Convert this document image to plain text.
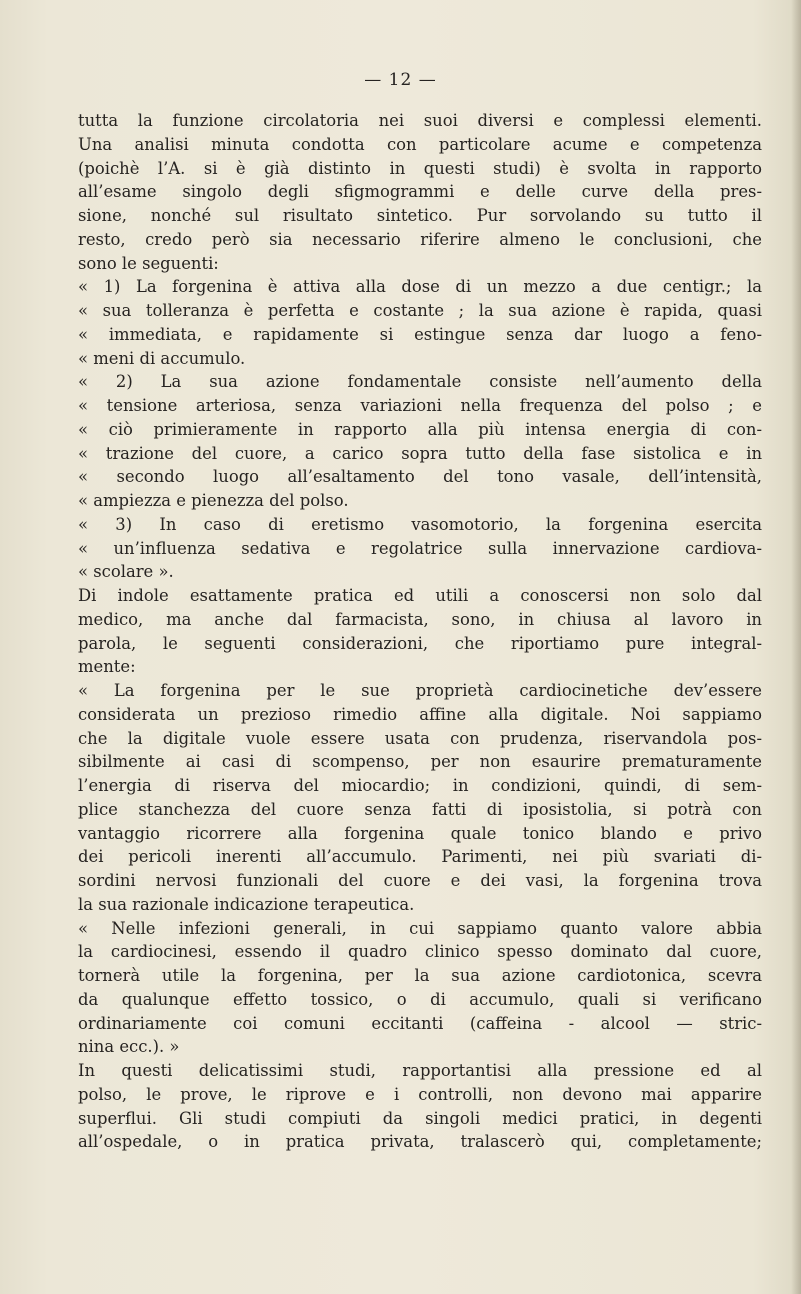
— 12 —
tutta la funzione circolatoria nei suoi diversi e complessi elementi.
Una analisi minuta condotta con particolare acume e competenza
(poichè l’A. si è già distinto in questi studi) è svolta in rapporto
all’esame singolo degli sfigmogrammi e delle curve della pres-
sione, nonché sul risultato sintetico. Pur sorvolando su tutto il
resto, credo però sia necessario riferire almeno le conclusioni, che
sono le seguenti:
« 1) La forgenina è attiva alla dose di un mezzo a due centigr.; la
« sua tolleranza è perfetta e costante ; la sua azione è rapida, quasi
« immediata, e rapidamente si estingue senza dar luogo a feno-
« meni di accumulo.
« 2) La sua azione fondamentale consiste nell’aumento della
« tensione arteriosa, senza variazioni nella frequenza del polso ; e
« ciò primieramente in rapporto alla più intensa energia di con-
« trazione del cuore, a carico sopra tutto della fase sistolica e in
« secondo luogo all’esaltamento del tono vasale, dell’intensità,
« ampiezza e pienezza del polso.
« 3) In caso di eretismo vasomotorio, la forgenina esercita
« un’influenza sedativa e regolatrice sulla innervazione cardiova-
« scolare ».
Di indole esattamente pratica ed utili a conoscersi non solo dal
medico, ma anche dal farmacista, sono, in chiusa al lavoro in
parola, le seguenti considerazioni, che riportiamo pure integral-
mente:
« La forgenina per le sue proprietà cardiocinetiche dev’essere
considerata un prezioso rimedio affine alla digitale. Noi sappiamo
che la digitale vuole essere usata con prudenza, riservandola pos-
sibilmente ai casi di scompenso, per non esaurire prematuramente
l’energia di riserva del miocardio; in condizioni, quindi, di sem-
plice stanchezza del cuore senza fatti di iposistolia, si potrà con
vantaggio ricorrere alla forgenina quale tonico blando e privo
dei pericoli inerenti all’accumulo. Parimenti, nei più svariati di-
sordini nervosi funzionali del cuore e dei vasi, la forgenina trova
la sua razionale indicazione terapeutica.
« Nelle infezioni generali, in cui sappiamo quanto valore abbia
la cardiocinesi, essendo il quadro clinico spesso dominato dal cuore,
tornerà utile la forgenina, per la sua azione cardiotonica, scevra
da qualunque effetto tossico, o di accumulo, quali si verificano
ordinariamente coi comuni eccitanti (caffeina - alcool — stric-
nina ecc.). »
In questi delicatissimi studi, rapportantisi alla pressione ed al
polso, le prove, le riprove e i controlli, non devono mai apparire
superflui. Gli studi compiuti da singoli medici pratici, in degenti
all’ospedale, o in pratica privata, tralascerò qui, completamente;
